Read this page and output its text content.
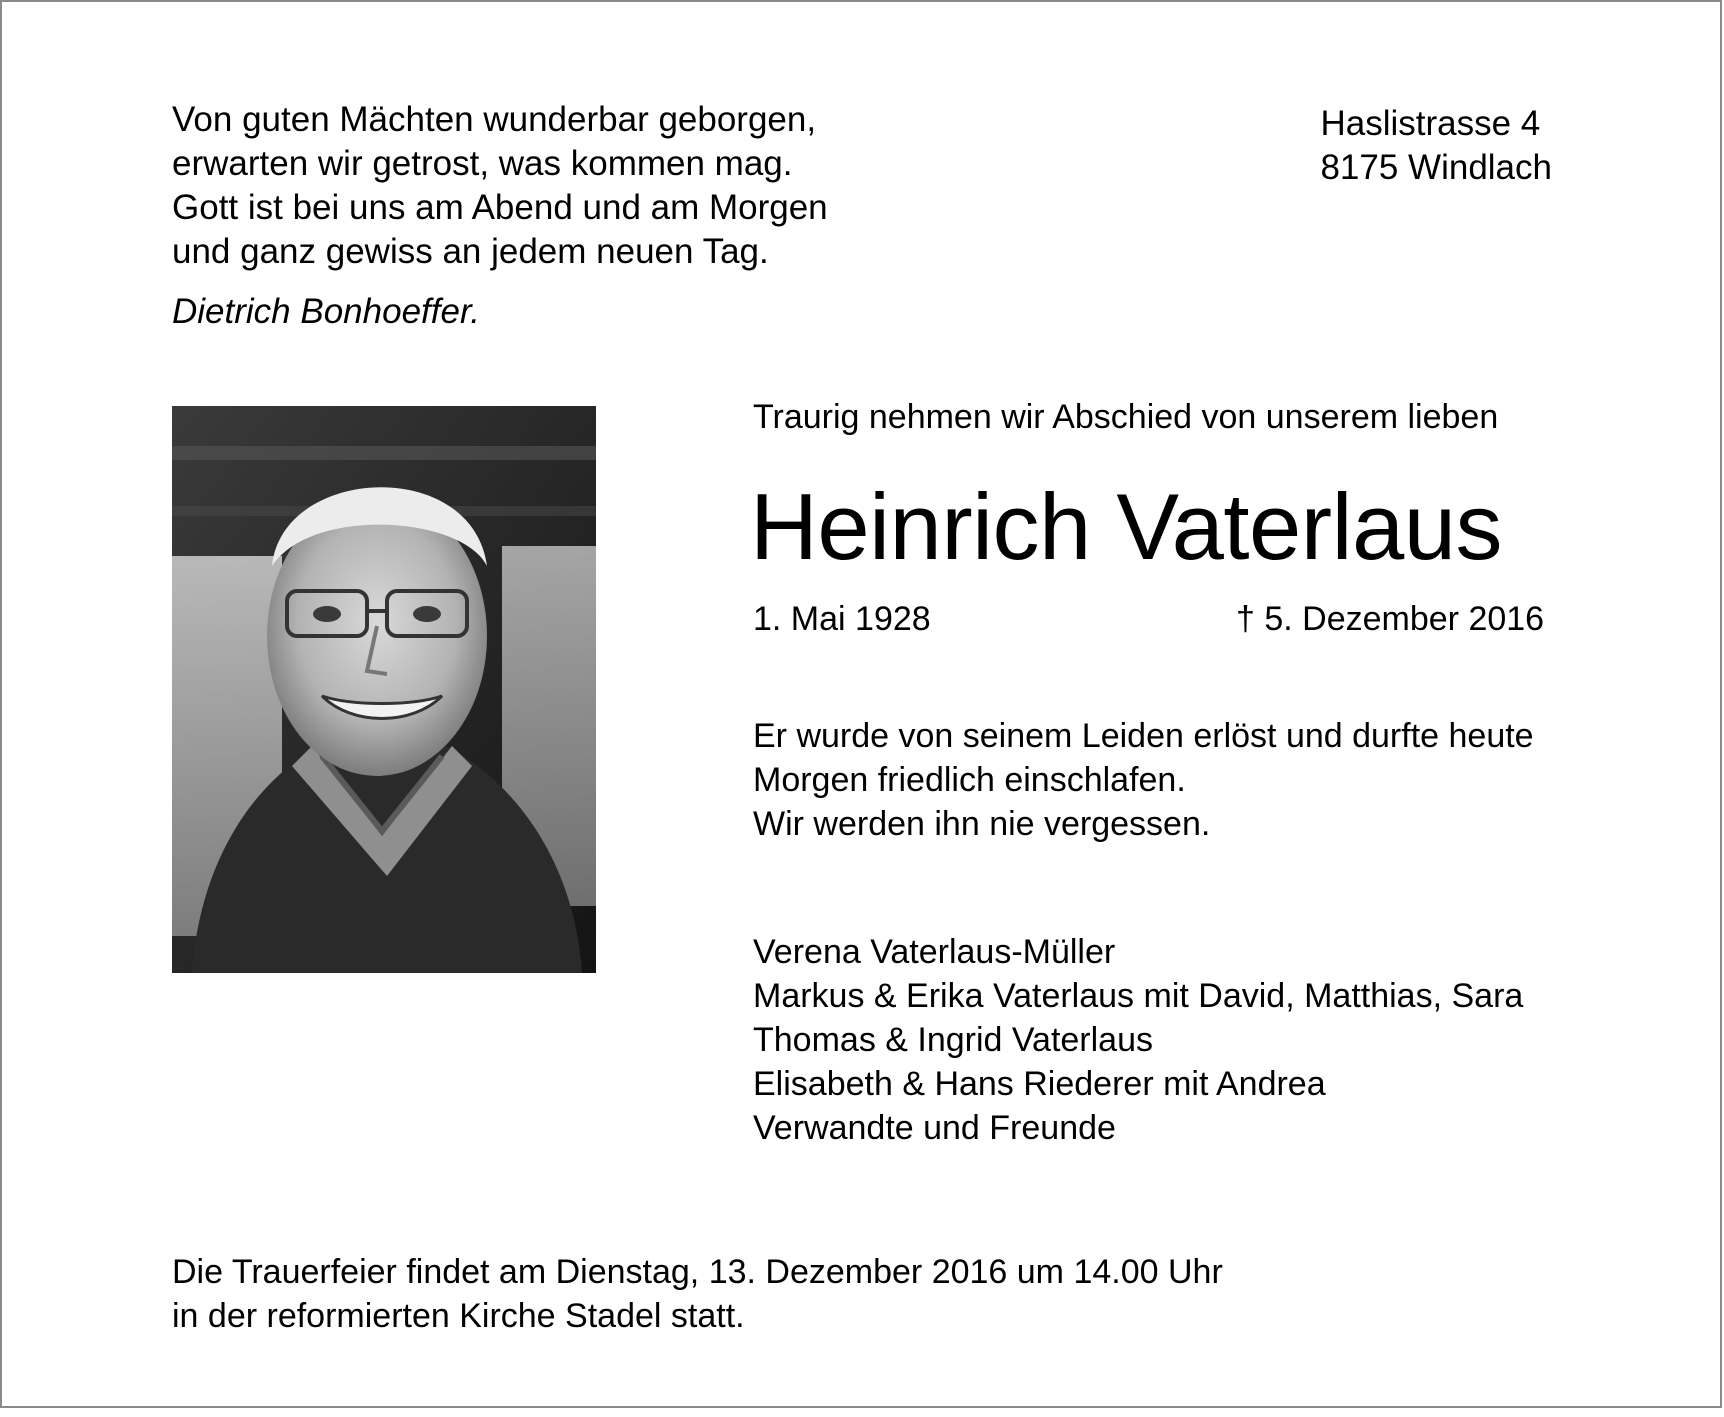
Von guten Mächten wunderbar geborgen,
erwarten wir getrost, was kommen mag.
Gott ist bei uns am Abend und am Morgen
und ganz gewiss an jedem neuen Tag.
Dietrich Bonhoeffer.
Haslistrasse 4
8175 Windlach
Traurig nehmen wir Abschied von unserem lieben
Heinrich Vaterlaus
1. Mai 1928	† 5. Dezember 2016
Er wurde von seinem Leiden erlöst und durfte heute
Morgen friedlich einschlafen.
Wir werden ihn nie vergessen.
Verena Vaterlaus-Müller
Markus & Erika Vaterlaus mit David, Matthias, Sara
Thomas & Ingrid Vaterlaus
Elisabeth & Hans Riederer mit Andrea
Verwandte und Freunde
Die Trauerfeier findet am Dienstag, 13. Dezember 2016 um 14.00 Uhr
in der reformierten Kirche Stadel statt.
